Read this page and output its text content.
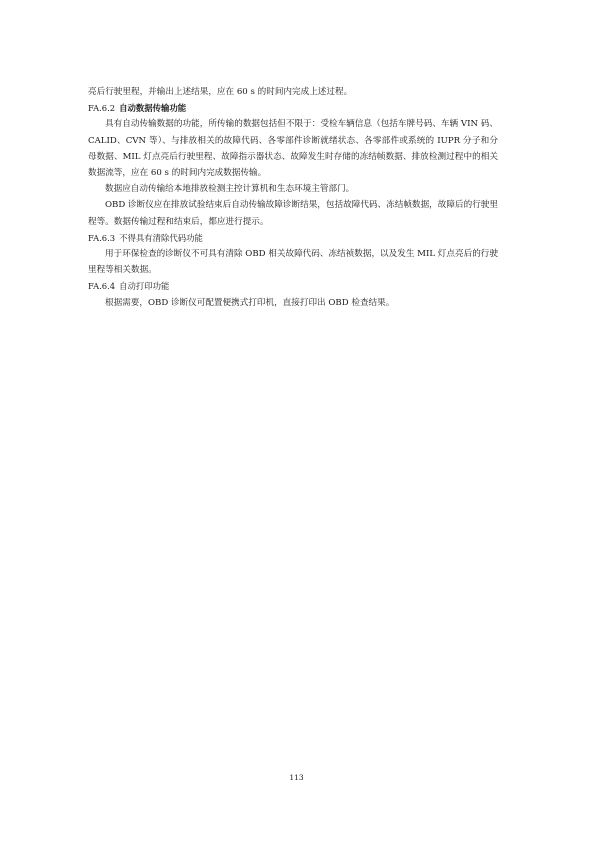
亮后行驶里程，并输出上述结果，应在 60 s 的时间内完成上述过程。

FA.6.2 自动数据传输功能

具有自动传输数据的功能，所传输的数据包括但不限于：受检车辆信息（包括车牌号码、车辆 VIN 码、CALID、CVN 等）、与排放相关的故障代码、各零部件诊断就绪状态、各零部件或系统的 IUPR 分子和分母数据、MIL 灯点亮后行驶里程、故障指示器状态、故障发生时存储的冻结帧数据、排放检测过程中的相关数据流等，应在 60 s 的时间内完成数据传输。

数据应自动传输给本地排放检测主控计算机和生态环境主管部门。

OBD 诊断仪应在排放试验结束后自动传输故障诊断结果，包括故障代码、冻结帧数据，故障后的行驶里程等。数据传输过程和结束后，都应进行提示。

FA.6.3 不得具有清除代码功能

用于环保检查的诊断仪不可具有清除 OBD 相关故障代码、冻结祯数据，以及发生 MIL 灯点亮后的行驶里程等相关数据。

FA.6.4 自动打印功能

根据需要，OBD 诊断仪可配置便携式打印机，直接打印出 OBD 检查结果。

113
